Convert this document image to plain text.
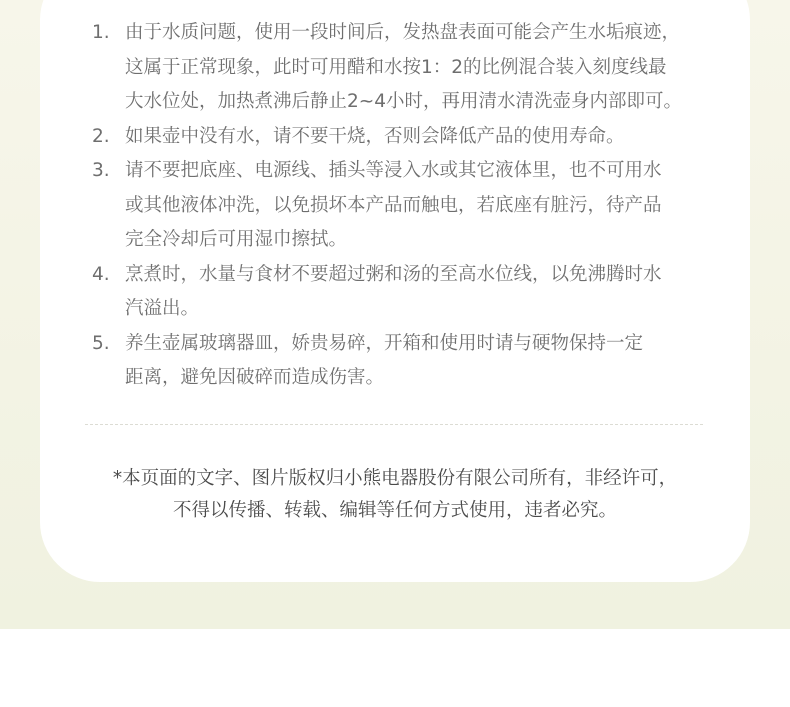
1. 由于水质问题，使用一段时间后，发热盘表面可能会产生水垢痕迹，
这属于正常现象，此时可用醋和水按1：2的比例混合装入刻度线最
大水位处，加热煮沸后静止2~4小时，再用清水清洗壶身内部即可。
2. 如果壶中没有水，请不要干烧，否则会降低产品的使用寿命。
3. 请不要把底座、电源线、插头等浸入水或其它液体里，也不可用水
或其他液体冲洗，以免损坏本产品而触电，若底座有脏污，待产品
完全冷却后可用湿巾擦拭。
4. 烹煮时，水量与食材不要超过粥和汤的至高水位线，以免沸腾时水
汽溢出。
5. 养生壶属玻璃器皿，娇贵易碎，开箱和使用时请与硬物保持一定
距离，避免因破碎而造成伤害。
*本页面的文字、图片版权归小熊电器股份有限公司所有，非经许可，
不得以传播、转载、编辑等任何方式使用，违者必究。
